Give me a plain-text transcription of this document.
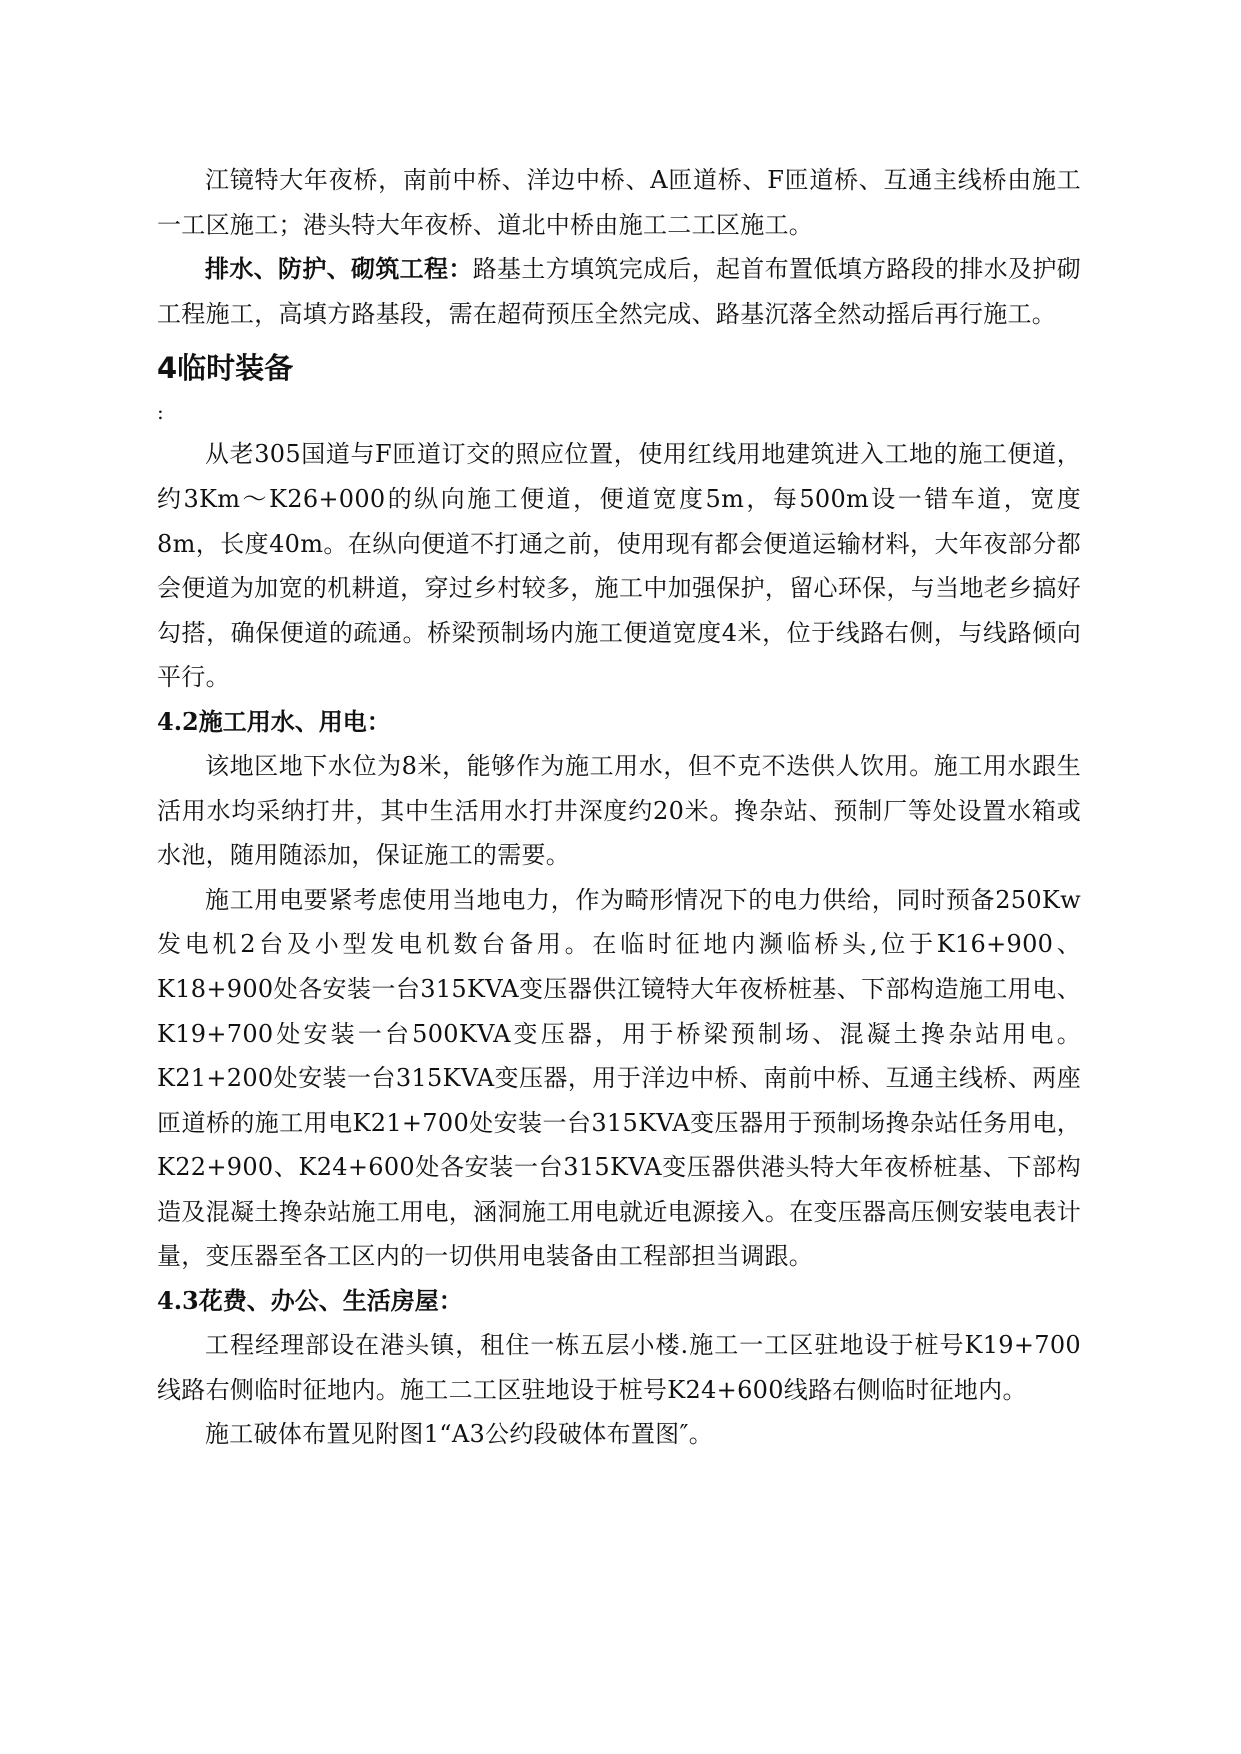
江镜特大年夜桥，南前中桥、洋边中桥、A匝道桥、F匝道桥、互通主线桥由施工一工区施工；港头特大年夜桥、道北中桥由施工二工区施工。

排水、防护、砌筑工程：路基土方填筑完成后，起首布置低填方路段的排水及护砌工程施工，高填方路基段，需在超荷预压全然完成、路基沉落全然动摇后再行施工。

4临时装备

:

从老305国道与F匝道订交的照应位置，使用红线用地建筑进入工地的施工便道，约3Km～K26+000的纵向施工便道，便道宽度5m，每500m设一错车道，宽度8m，长度40m。在纵向便道不打通之前，使用现有都会便道运输材料，大年夜部分都会便道为加宽的机耕道，穿过乡村较多，施工中加强保护，留心环保，与当地老乡搞好勾搭，确保便道的疏通。桥梁预制场内施工便道宽度4米，位于线路右侧，与线路倾向平行。

4.2施工用水、用电：

该地区地下水位为8米，能够作为施工用水，但不克不迭供人饮用。施工用水跟生活用水均采纳打井，其中生活用水打井深度约20米。搀杂站、预制厂等处设置水箱或水池，随用随添加，保证施工的需要。

施工用电要紧考虑使用当地电力，作为畸形情况下的电力供给，同时预备250Kw发电机2台及小型发电机数台备用。在临时征地内濒临桥头,位于K16+900、K18+900处各安装一台315KVA变压器供江镜特大年夜桥桩基、下部构造施工用电、K19+700处安装一台500KVA变压器，用于桥梁预制场、混凝土搀杂站用电。K21+200处安装一台315KVA变压器，用于洋边中桥、南前中桥、互通主线桥、两座匝道桥的施工用电K21+700处安装一台315KVA变压器用于预制场搀杂站任务用电，K22+900、K24+600处各安装一台315KVA变压器供港头特大年夜桥桩基、下部构造及混凝土搀杂站施工用电，涵洞施工用电就近电源接入。在变压器高压侧安装电表计量，变压器至各工区内的一切供用电装备由工程部担当调跟。

4.3花费、办公、生活房屋：

工程经理部设在港头镇，租住一栋五层小楼.施工一工区驻地设于桩号K19+700线路右侧临时征地内。施工二工区驻地设于桩号K24+600线路右侧临时征地内。

施工破体布置见附图1“A3公约段破体布置图″。
